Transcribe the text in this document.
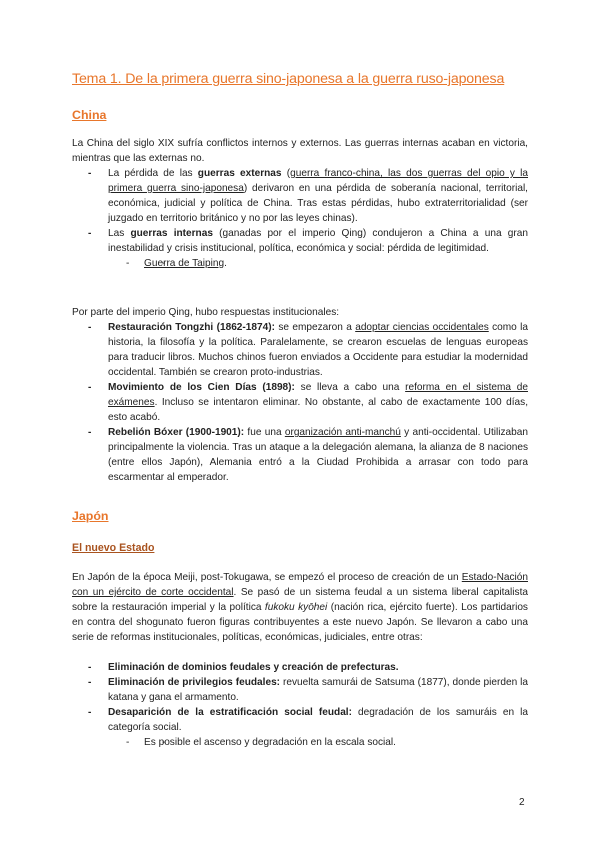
Tema 1. De la primera guerra sino-japonesa a la guerra ruso-japonesa
China

La China del siglo XIX sufría conflictos internos y externos. Las guerras internas acaban en victoria, mientras que las externas no.

- La pérdida de las guerras externas (guerra franco-china, las dos guerras del opio y la primera guerra sino-japonesa) derivaron en una pérdida de soberanía nacional, territorial, económica, judicial y política de China. Tras estas pérdidas, hubo extraterritorialidad (ser juzgado en territorio británico y no por las leyes chinas).
- Las guerras internas (ganadas por el imperio Qing) condujeron a China a una gran inestabilidad y crisis institucional, política, económica y social: pérdida de legitimidad.
- - Guerra de Taiping.

Por parte del imperio Qing, hubo respuestas institucionales:

- Restauración Tongzhi (1862-1874): se empezaron a adoptar ciencias occidentales como la historia, la filosofía y la política. Paralelamente, se crearon escuelas de lenguas europeas para traducir libros. Muchos chinos fueron enviados a Occidente para estudiar la modernidad occidental. También se crearon proto-industrias.
- Movimiento de los Cien Días (1898): se lleva a cabo una reforma en el sistema de exámenes. Incluso se intentaron eliminar. No obstante, al cabo de exactamente 100 días, esto acabó.
- Rebelión Bóxer (1900-1901): fue una organización anti-manchú y anti-occidental. Utilizaban principalmente la violencia. Tras un ataque a la delegación alemana, la alianza de 8 naciones (entre ellos Japón), Alemania entró a la Ciudad Prohibida a arrasar con todo para escarmentar al emperador.
Japón
El nuevo Estado

En Japón de la época Meiji, post-Tokugawa, se empezó el proceso de creación de un Estado-Nación con un ejército de corte occidental. Se pasó de un sistema feudal a un sistema liberal capitalista sobre la restauración imperial y la política fukoku kyōhei (nación rica, ejército fuerte). Los partidarios en contra del shogunato fueron figuras contribuyentes a este nuevo Japón. Se llevaron a cabo una serie de reformas institucionales, políticas, económicas, judiciales, entre otras:

- Eliminación de dominios feudales y creación de prefecturas.
- Eliminación de privilegios feudales: revuelta samurái de Satsuma (1877), donde pierden la katana y gana el armamento.
- Desaparición de la estratificación social feudal: degradación de los samuráis en la categoría social.
- - Es posible el ascenso y degradación en la escala social.
2
